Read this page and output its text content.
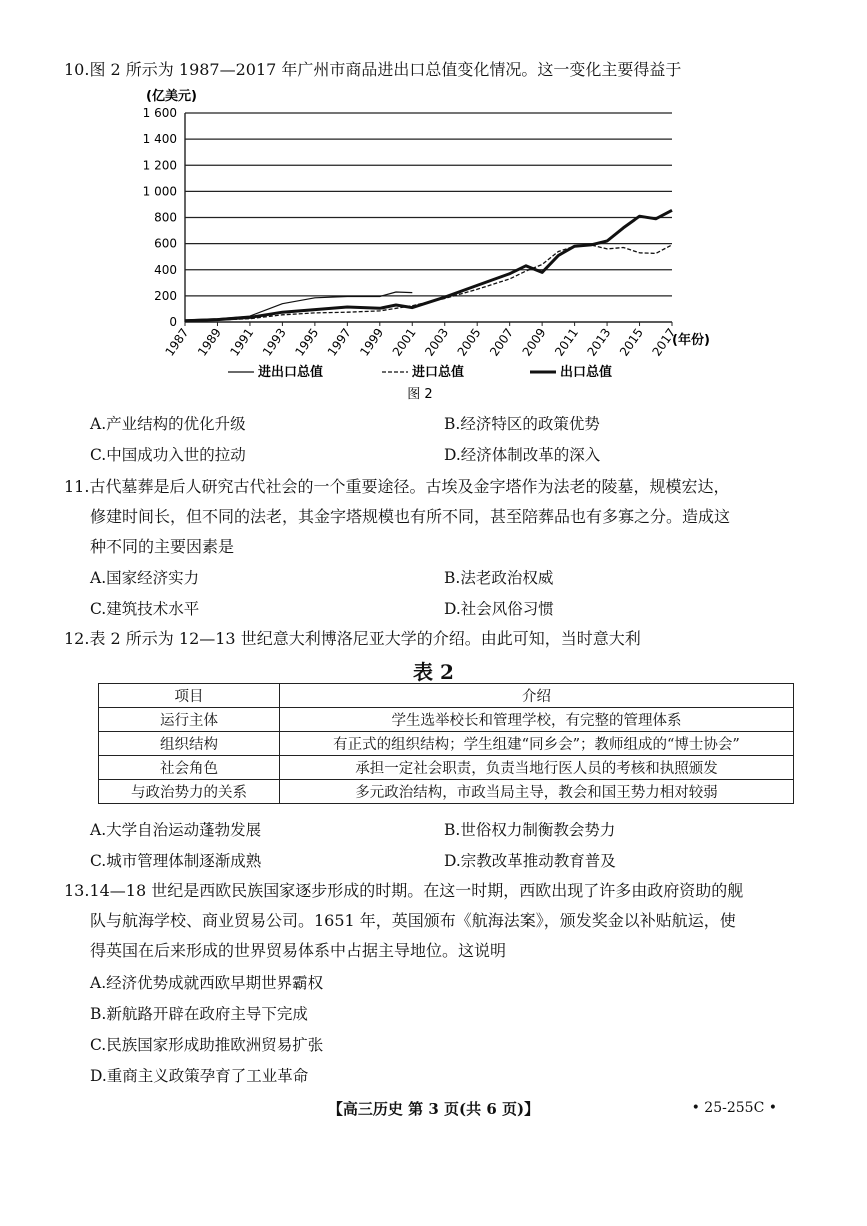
10.图 2 所示为 1987—2017 年广州市商品进出口总值变化情况。这一变化主要得益于
0
200
400
600
800
1 000
1 200
1 400
1 600
1987 1989 1991 1993 1995 1997 1999 2001 2003 2005 2007 2009 2011 2013 2015 2017
(亿美元)
(年份)
进出口总值	进口总值	出口总值
图 2
A.产业结构的优化升级	B.经济特区的政策优势
C.中国成功入世的拉动	D.经济体制改革的深入
11.古代墓葬是后人研究古代社会的一个重要途径。古埃及金字塔作为法老的陵墓，规模宏达，
修建时间长，但不同的法老，其金字塔规模也有所不同，甚至陪葬品也有多寡之分。造成这
种不同的主要因素是
A.国家经济实力	B.法老政治权威
C.建筑技术水平	D.社会风俗习惯
12.表 2 所示为 12—13 世纪意大利博洛尼亚大学的介绍。由此可知，当时意大利
表 2
项目	介绍
运行主体	学生选举校长和管理学校，有完整的管理体系
组织结构	有正式的组织结构；学生组建“同乡会”；教师组成的“博士协会”
社会角色	承担一定社会职责，负责当地行医人员的考核和执照颁发
与政治势力的关系	多元政治结构，市政当局主导，教会和国王势力相对较弱
A.大学自治运动蓬勃发展	B.世俗权力制衡教会势力
C.城市管理体制逐渐成熟	D.宗教改革推动教育普及
13.14—18 世纪是西欧民族国家逐步形成的时期。在这一时期，西欧出现了许多由政府资助的舰
队与航海学校、商业贸易公司。1651 年，英国颁布《航海法案》，颁发奖金以补贴航运，使
得英国在后来形成的世界贸易体系中占据主导地位。这说明
A.经济优势成就西欧早期世界霸权
B.新航路开辟在政府主导下完成
C.民族国家形成助推欧洲贸易扩张
D.重商主义政策孕育了工业革命
【高三历史 第 3 页(共 6 页)】	• 25-255C •
